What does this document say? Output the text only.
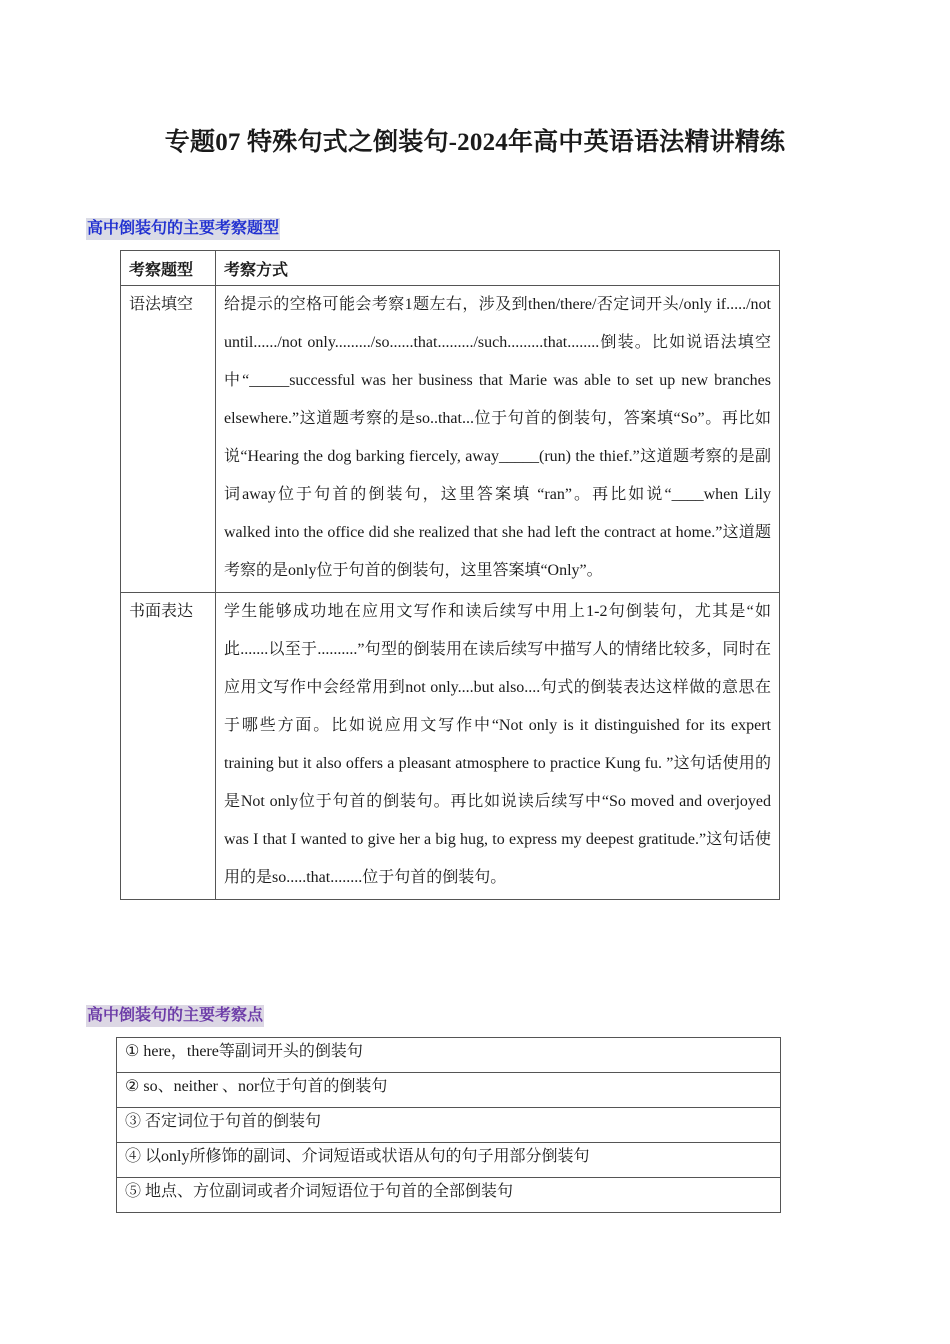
专题07 特殊句式之倒装句-2024年高中英语语法精讲精练
高中倒装句的主要考察题型
考察题型	考察方式
语法填空	给提示的空格可能会考察1题左右，涉及到then/there/否定词开头/only if...../not until....../not only........./so......that........./such.........that........倒装。比如说语法填空中“_____successful was her business that Marie was able to set up new branches elsewhere.”这道题考察的是so..that...位于句首的倒装句，答案填“So”。再比如说“Hearing the dog barking fiercely, away_____(run) the thief.”这道题考察的是副词away位于句首的倒装句，这里答案填 “ran”。再比如说“____when Lily walked into the office did she realized that she had left the contract at home.”这道题考察的是only位于句首的倒装句，这里答案填“Only”。
书面表达	学生能够成功地在应用文写作和读后续写中用上1-2句倒装句，尤其是“如此.......以至于..........”句型的倒装用在读后续写中描写人的情绪比较多，同时在应用文写作中会经常用到not only....but also....句式的倒装表达这样做的意思在于哪些方面。比如说应用文写作中“Not only is it distinguished for its expert training but it also offers a pleasant atmosphere to practice Kung fu. ”这句话使用的是Not only位于句首的倒装句。再比如说读后续写中“So moved and overjoyed was I that I wanted to give her a big hug, to express my deepest gratitude.”这句话使用的是so.....that........位于句首的倒装句。
高中倒装句的主要考察点
① here，there等副词开头的倒装句
② so、neither 、nor位于句首的倒装句
③ 否定词位于句首的倒装句
④ 以only所修饰的副词、介词短语或状语从句的句子用部分倒装句
⑤ 地点、方位副词或者介词短语位于句首的全部倒装句
